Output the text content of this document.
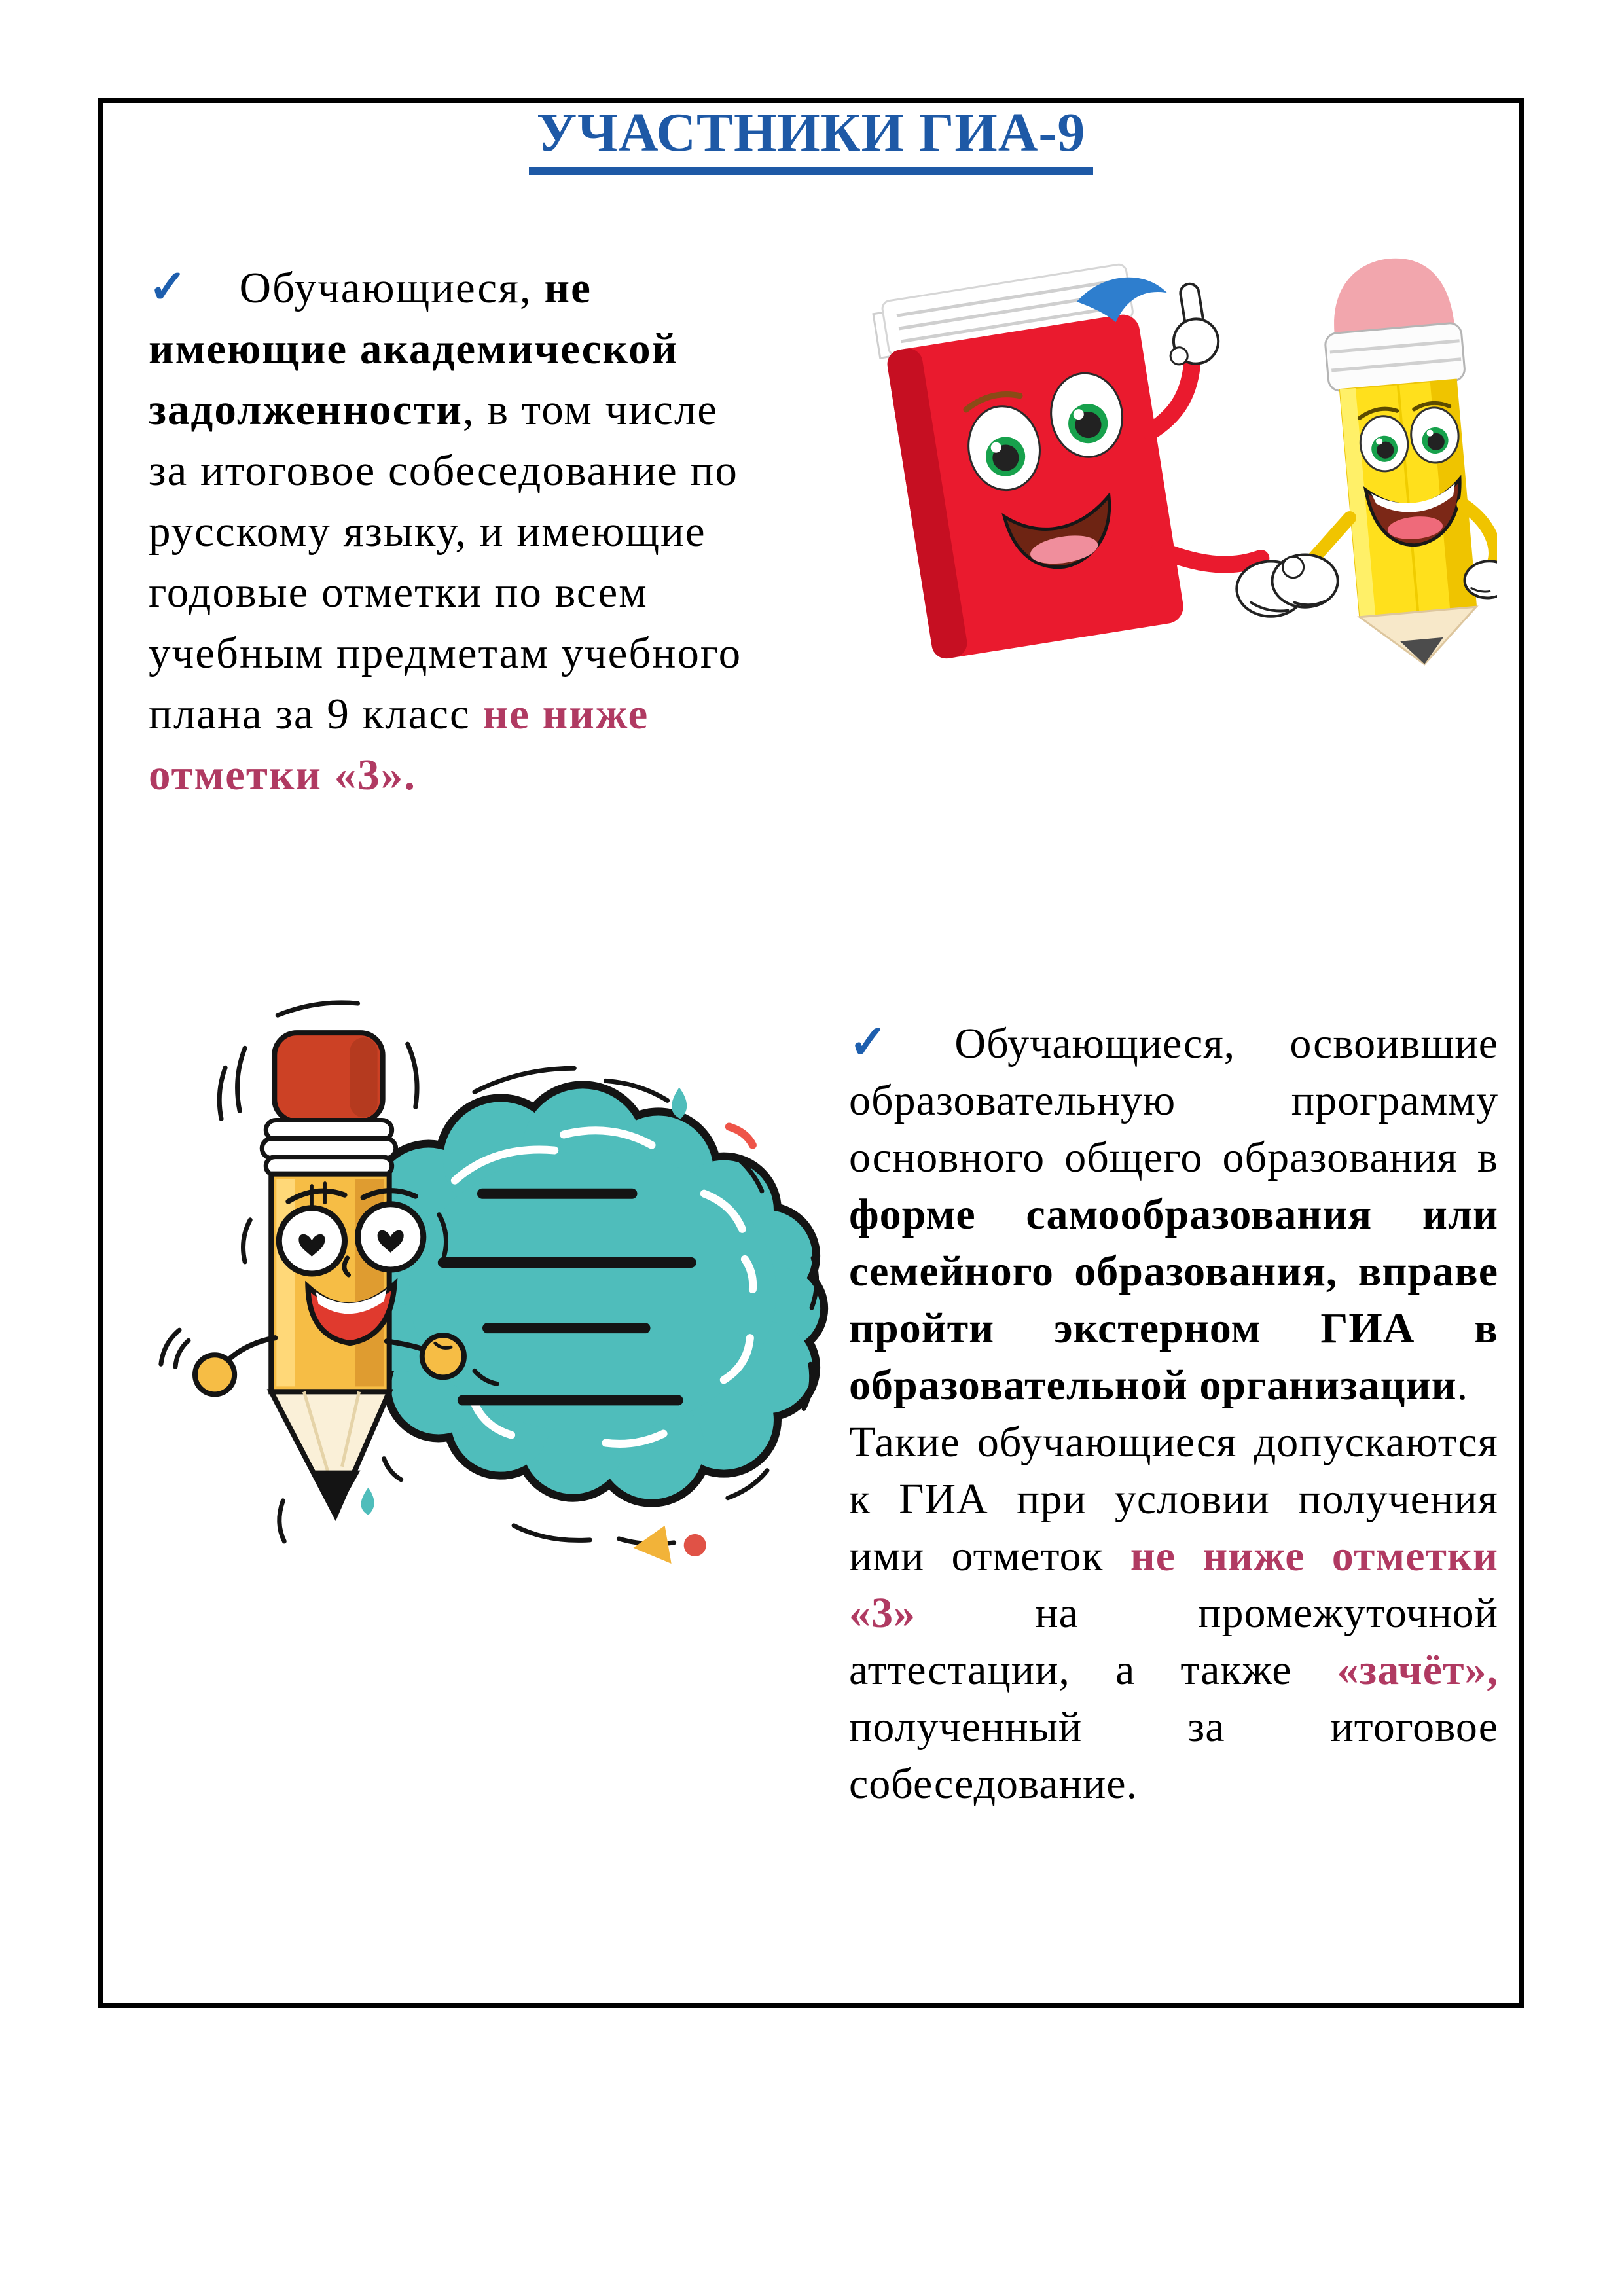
УЧАСТНИКИ ГИА-9

✓ Обучающиеся, не имеющие академической задолженности, в том числе за итоговое собеседование по русскому языку, и имеющие годовые отметки по всем учебным предметам учебного плана за 9 класс не ниже отметки «3».

✓ Обучающиеся, освоившие образовательную программу основного общего образования в форме самообразования или семейного образования, вправе пройти экстерном ГИА в образовательной организации.

Такие обучающиеся допускаются к ГИА при условии получения ими отметок не ниже отметки «3» на промежуточной аттестации, а также «зачёт», полученный за итоговое собеседование.
